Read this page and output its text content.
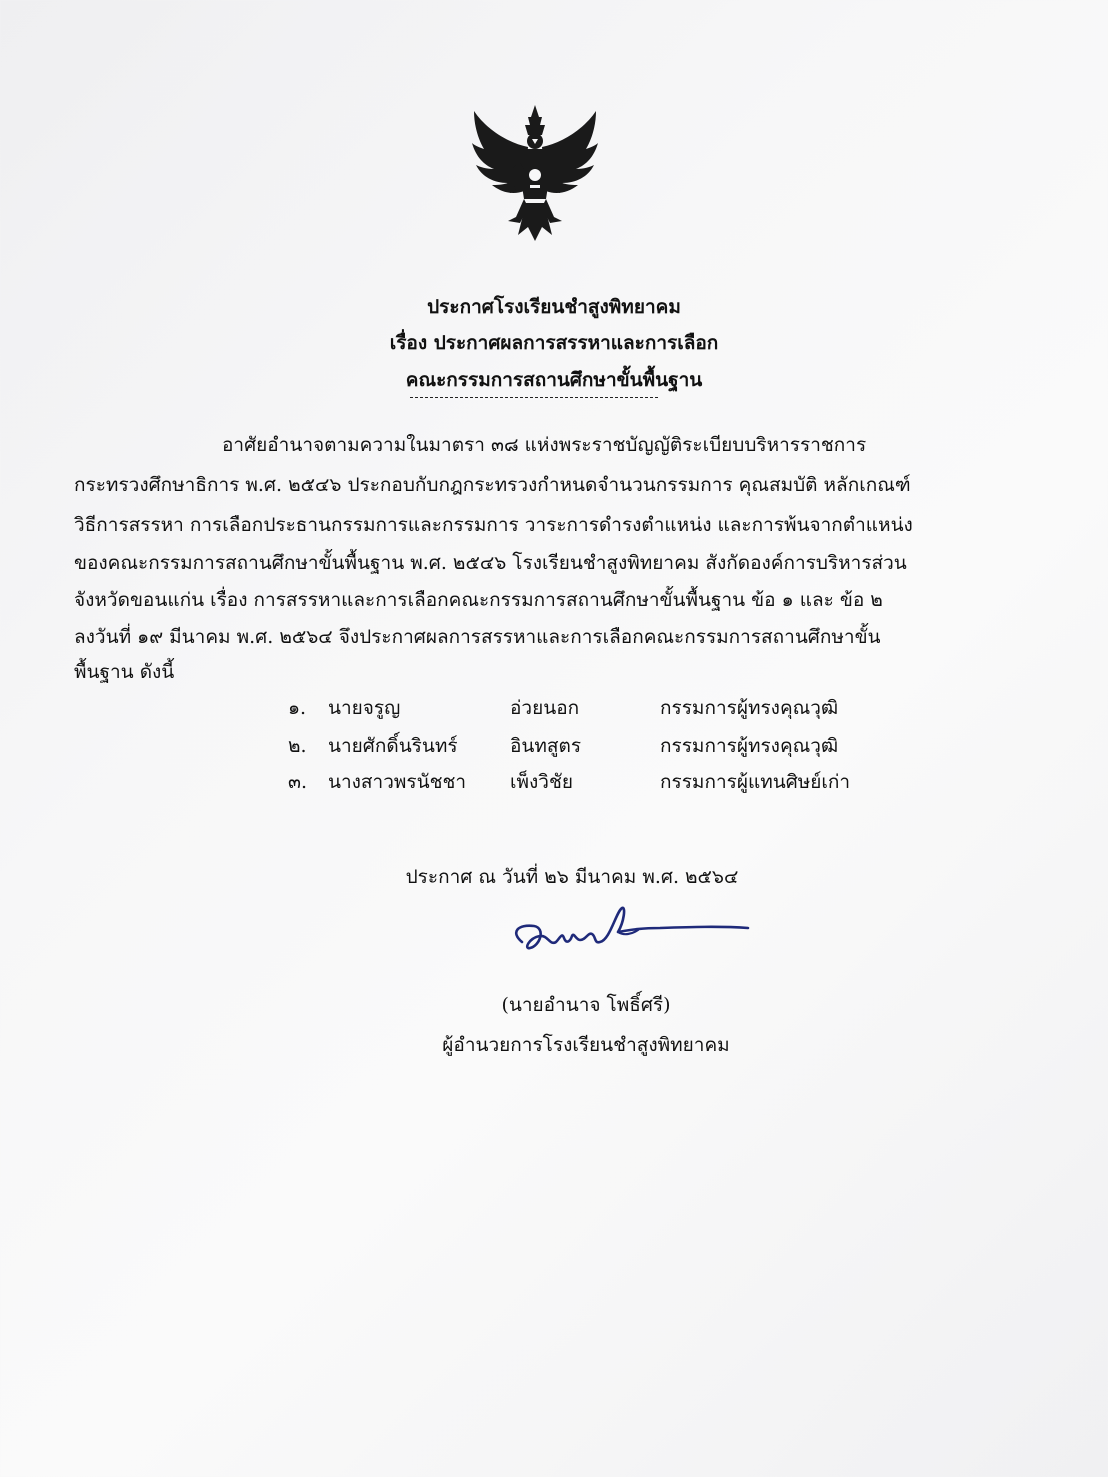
ประกาศโรงเรียนชำสูงพิทยาคม
เรื่อง ประกาศผลการสรรหาและการเลือก
คณะกรรมการสถานศึกษาขั้นพื้นฐาน
อาศัยอำนาจตามความในมาตรา ๓๘ แห่งพระราชบัญญัติระเบียบบริหารราชการ
กระทรวงศึกษาธิการ พ.ศ. ๒๕๔๖ ประกอบกับกฎกระทรวงกำหนดจำนวนกรรมการ คุณสมบัติ หลักเกณฑ์
วิธีการสรรหา การเลือกประธานกรรมการและกรรมการ วาระการดำรงตำแหน่ง และการพ้นจากตำแหน่ง
ของคณะกรรมการสถานศึกษาขั้นพื้นฐาน พ.ศ. ๒๕๔๖ โรงเรียนชำสูงพิทยาคม สังกัดองค์การบริหารส่วน
จังหวัดขอนแก่น เรื่อง การสรรหาและการเลือกคณะกรรมการสถานศึกษาขั้นพื้นฐาน ข้อ ๑ และ ข้อ ๒
ลงวันที่ ๑๙ มีนาคม พ.ศ. ๒๕๖๔ จึงประกาศผลการสรรหาและการเลือกคณะกรรมการสถานศึกษาขั้น
พื้นฐาน ดังนี้
๑. นายจรูญ	อ่วยนอก	กรรมการผู้ทรงคุณวุฒิ
๒. นายศักดิ์นรินทร์	อินทสูตร	กรรมการผู้ทรงคุณวุฒิ
๓. นางสาวพรนัชชา เพ็งวิชัย	กรรมการผู้แทนศิษย์เก่า
ประกาศ ณ วันที่ ๒๖ มีนาคม พ.ศ. ๒๕๖๔
(นายอำนาจ โพธิ์ศรี)
ผู้อำนวยการโรงเรียนชำสูงพิทยาคม
